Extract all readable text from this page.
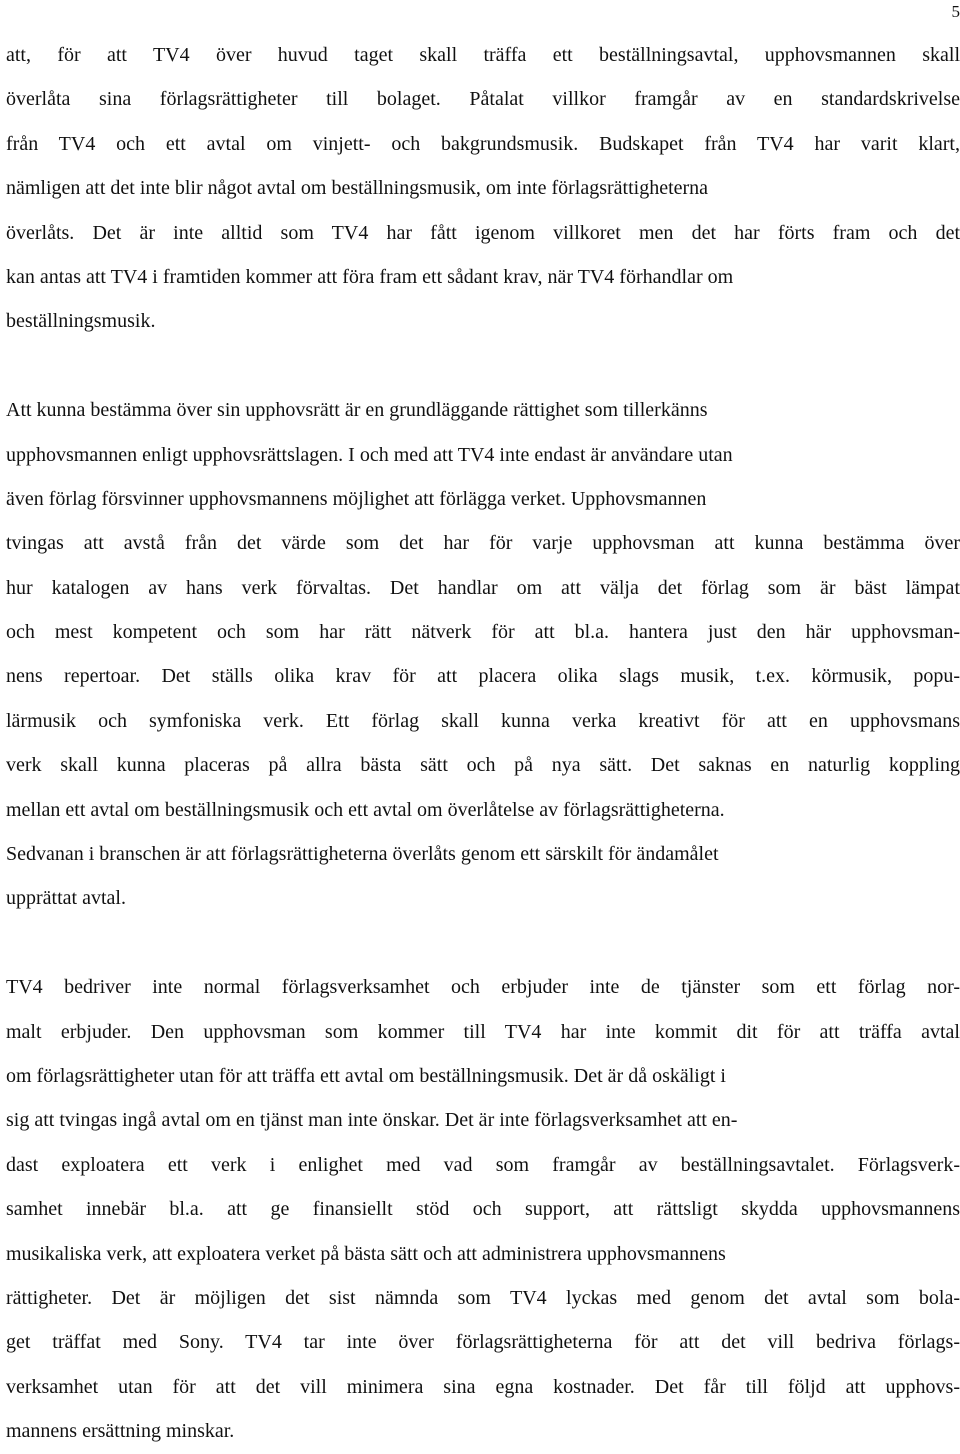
5
att, för att TV4 över huvud taget skall träffa ett beställningsavtal, upphovsmannen skall
överlåta sina förlagsrättigheter till bolaget. Påtalat villkor framgår av en standardskrivelse
från TV4 och ett avtal om vinjett- och bakgrundsmusik. Budskapet från TV4 har varit klart,
nämligen att det inte blir något avtal om beställningsmusik, om inte förlagsrättigheterna
överlåts. Det är inte alltid som TV4 har fått igenom villkoret men det har förts fram och det
kan antas att TV4 i framtiden kommer att föra fram ett sådant krav, när TV4 förhandlar om
beställningsmusik.
Att kunna bestämma över sin upphovsrätt är en grundläggande rättighet som tillerkänns
upphovsmannen enligt upphovsrättslagen. I och med att TV4 inte endast är användare utan
även förlag försvinner upphovsmannens möjlighet att förlägga verket. Upphovsmannen
tvingas att avstå från det värde som det har för varje upphovsman att kunna bestämma över
hur katalogen av hans verk förvaltas. Det handlar om att välja det förlag som är bäst lämpat
och mest kompetent och som har rätt nätverk för att bl.a. hantera just den här upphovsman-
nens repertoar. Det ställs olika krav för att placera olika slags musik, t.ex. körmusik, popu-
lärmusik och symfoniska verk. Ett förlag skall kunna verka kreativt för att en upphovsmans
verk skall kunna placeras på allra bästa sätt och på nya sätt. Det saknas en naturlig koppling
mellan ett avtal om beställningsmusik och ett avtal om överlåtelse av förlagsrättigheterna.
Sedvanan i branschen är att förlagsrättigheterna överlåts genom ett särskilt för ändamålet
upprättat avtal.
TV4 bedriver inte normal förlagsverksamhet och erbjuder inte de tjänster som ett förlag nor-
malt erbjuder. Den upphovsman som kommer till TV4 har inte kommit dit för att träffa avtal
om förlagsrättigheter utan för att träffa ett avtal om beställningsmusik. Det är då oskäligt i
sig att tvingas ingå avtal om en tjänst man inte önskar. Det är inte förlagsverksamhet att en-
dast exploatera ett verk i enlighet med vad som framgår av beställningsavtalet. Förlagsverk-
samhet innebär bl.a. att ge finansiellt stöd och support, att rättsligt skydda upphovsmannens
musikaliska verk, att exploatera verket på bästa sätt och att administrera upphovsmannens
rättigheter. Det är möjligen det sist nämnda som TV4 lyckas med genom det avtal som bola-
get träffat med Sony. TV4 tar inte över förlagsrättigheterna för att det vill bedriva förlags-
verksamhet utan för att det vill minimera sina egna kostnader. Det får till följd att upphovs-
mannens ersättning minskar.
